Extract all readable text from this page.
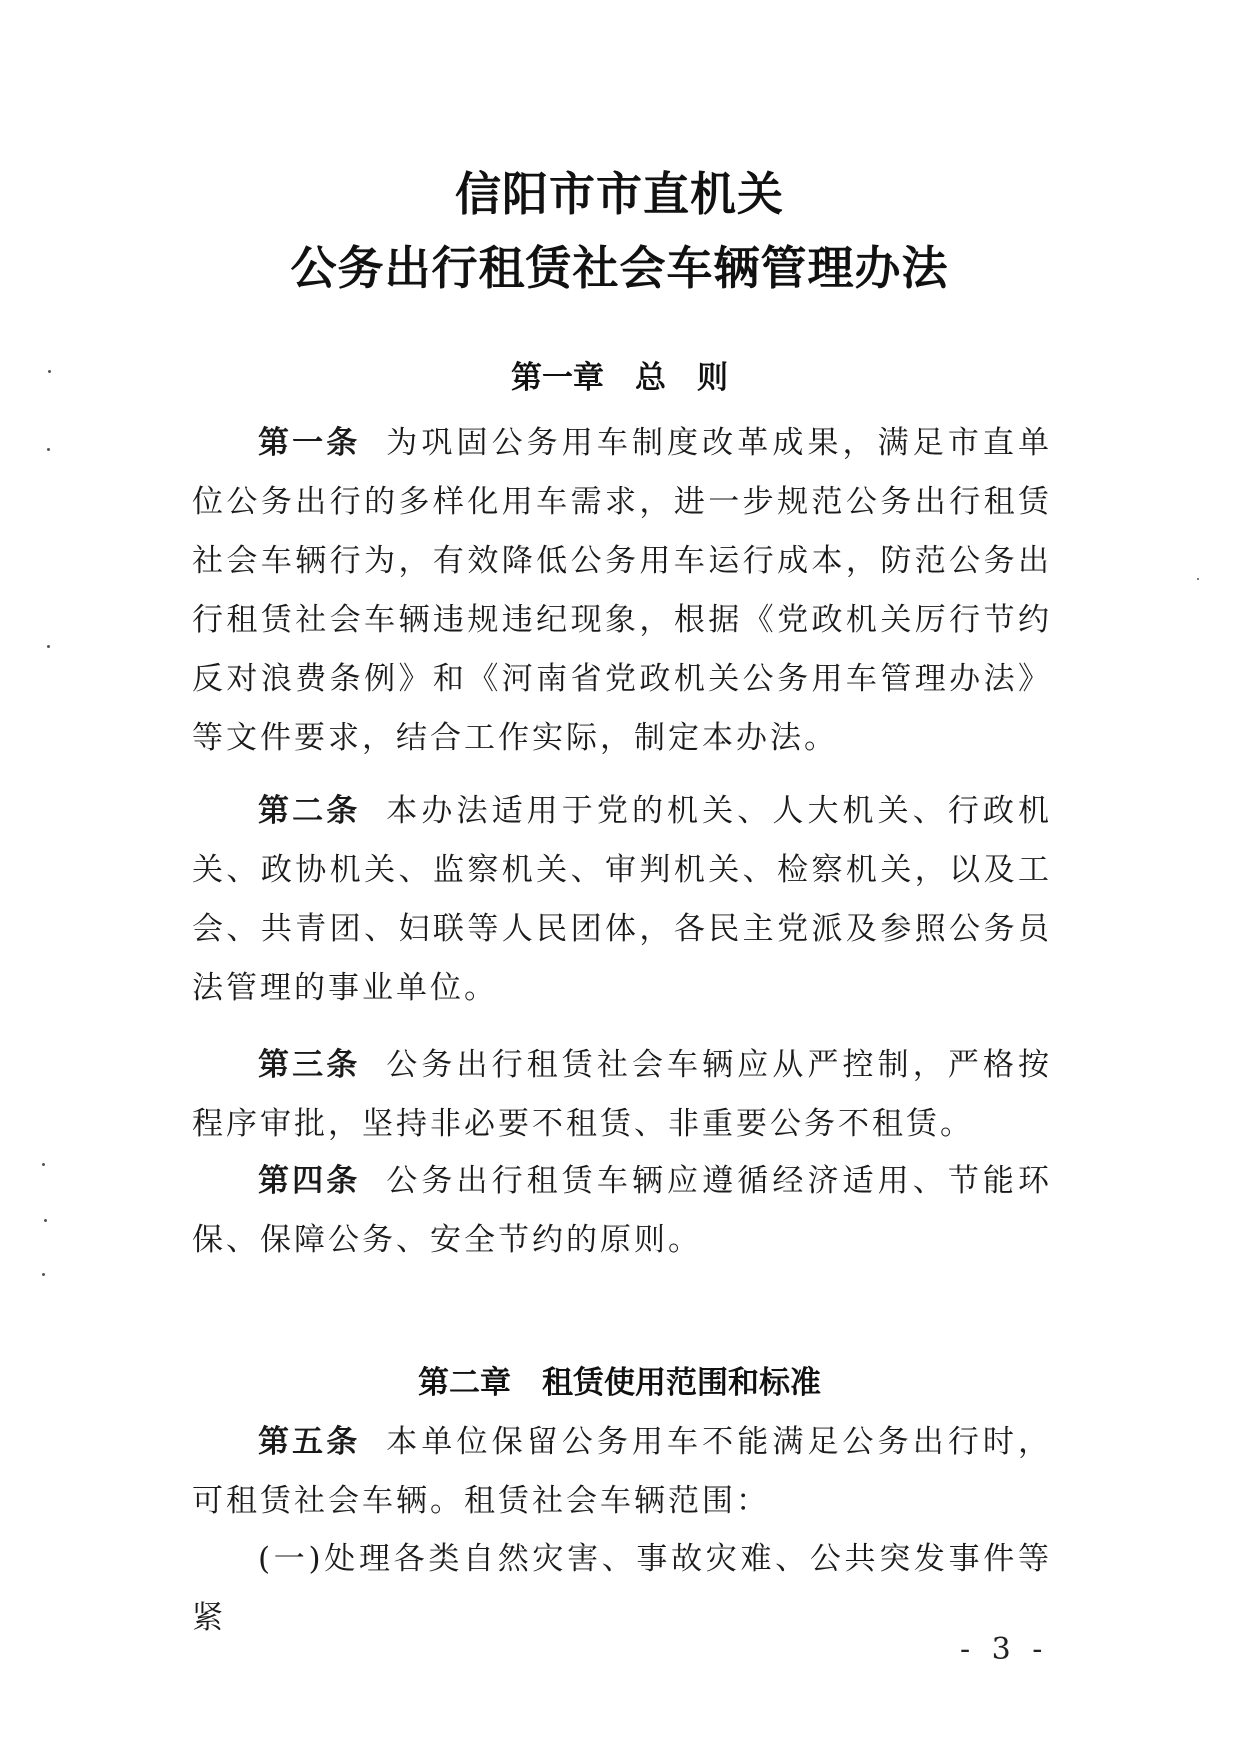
信阳市市直机关
公务出行租赁社会车辆管理办法
第一章　总　则
第一条 为巩固公务用车制度改革成果，满足市直单位公务出行的多样化用车需求，进一步规范公务出行租赁社会车辆行为，有效降低公务用车运行成本，防范公务出行租赁社会车辆违规违纪现象，根据《党政机关厉行节约反对浪费条例》和《河南省党政机关公务用车管理办法》等文件要求，结合工作实际，制定本办法。
第二条 本办法适用于党的机关、人大机关、行政机关、政协机关、监察机关、审判机关、检察机关，以及工会、共青团、妇联等人民团体，各民主党派及参照公务员法管理的事业单位。
第三条 公务出行租赁社会车辆应从严控制，严格按程序审批，坚持非必要不租赁、非重要公务不租赁。
第四条 公务出行租赁车辆应遵循经济适用、节能环保、保障公务、安全节约的原则。
第二章　租赁使用范围和标准
第五条 本单位保留公务用车不能满足公务出行时，可租赁社会车辆。租赁社会车辆范围：
(一)处理各类自然灾害、事故灾难、公共突发事件等紧
- 3 -
